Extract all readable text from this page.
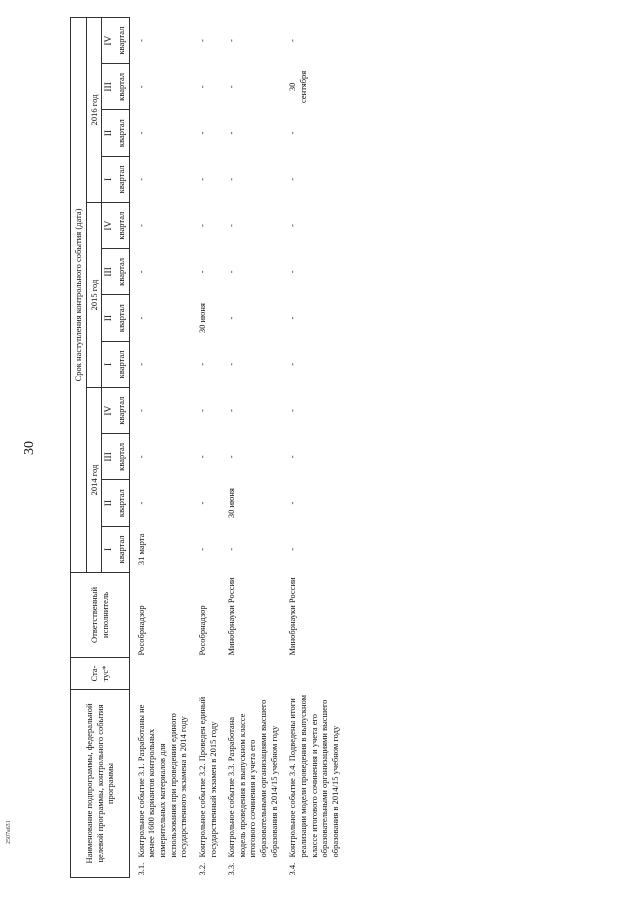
30
Наименование подпрограммы, федеральной целевой программы, контрольного события программы		Ста-тус*	Ответственный исполнитель	Срок наступления контрольного события (дата)											
				2014 год				2015 год				2016 год			

				I квартал	II квартал	III квартал	IV квартал	I квартал	II квартал	III квартал	IV квартал	I квартал	II квартал	III квартал	IV квартал
3.1.	Контрольное событие 3.1. Разработаны не менее 1600 вариантов контрольных измерительных материалов для использования при проведении единого государственного экзамена в 2014 году		Рособрнадзор	31 марта	-	-	-	-	-	-	-	-	-	-	-
3.2.	Контрольное событие 3.2. Проведен единый государственный экзамен в 2015 году		Рособрнадзор	-	-	-	-	-	30 июня	-	-	-	-	-	-
3.3.	Контрольное событие 3.3. Разработана модель проведения в выпускном классе итогового сочинения и учета его образовательными организациями высшего образования в 2014/15 учебном году		Минобрнауки России	-	30 июня	-	-	-	-	-	-	-	-	-	-
3.4.	Контрольное событие 3.4. Подведены итоги реализации модели проведения в выпускном классе итогового сочинения и учета его образовательными организациями высшего образования в 2014/15 учебном году		Минобрнауки России	-	-	-	-	-	-	-	-	-	-	30 сентября	-
2507a631
